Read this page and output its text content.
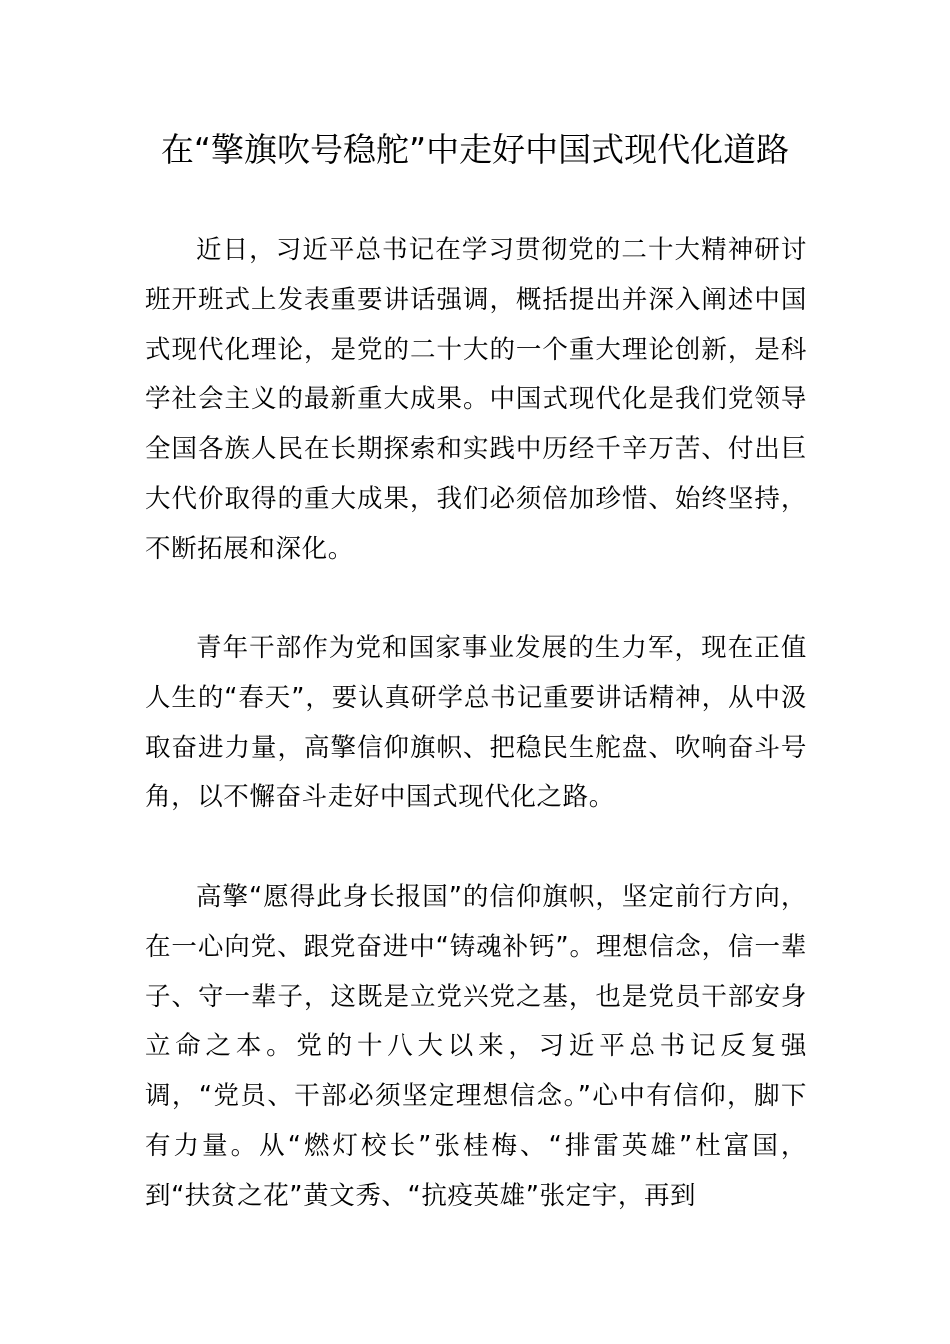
在“擎旗吹号稳舵”中走好中国式现代化道路

近日，习近平总书记在学习贯彻党的二十大精神研讨班开班式上发表重要讲话强调，概括提出并深入阐述中国式现代化理论，是党的二十大的一个重大理论创新，是科学社会主义的最新重大成果。中国式现代化是我们党领导全国各族人民在长期探索和实践中历经千辛万苦、付出巨大代价取得的重大成果，我们必须倍加珍惜、始终坚持，不断拓展和深化。

青年干部作为党和国家事业发展的生力军，现在正值人生的“春天”，要认真研学总书记重要讲话精神，从中汲取奋进力量，高擎信仰旗帜、把稳民生舵盘、吹响奋斗号角，以不懈奋斗走好中国式现代化之路。

高擎“愿得此身长报国”的信仰旗帜，坚定前行方向，在一心向党、跟党奋进中“铸魂补钙”。理想信念，信一辈子、守一辈子，这既是立党兴党之基，也是党员干部安身立命之本。党的十八大以来，习近平总书记反复强调，“党员、干部必须坚定理想信念。”心中有信仰，脚下有力量。从“燃灯校长”张桂梅、“排雷英雄”杜富国，到“扶贫之花”黄文秀、“抗疫英雄”张定宇，再到
